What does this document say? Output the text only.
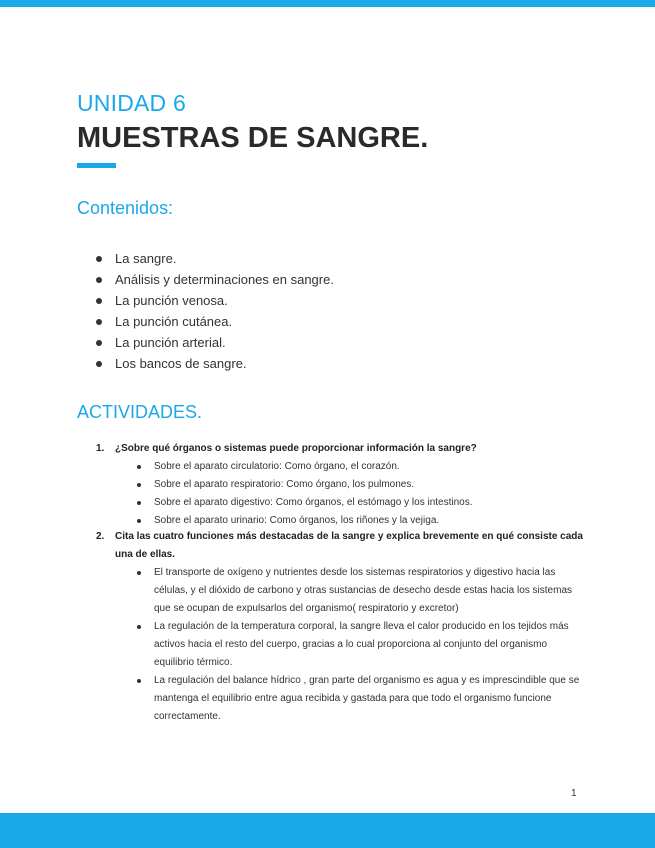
UNIDAD 6
MUESTRAS DE SANGRE.
Contenidos:
La sangre.
Análisis y determinaciones en sangre.
La punción venosa.
La punción cutánea.
La punción arterial.
Los bancos de sangre.
ACTIVIDADES.
1. ¿Sobre qué órganos o sistemas puede proporcionar información la sangre?
Sobre el aparato circulatorio: Como órgano, el corazón.
Sobre el aparato respiratorio: Como órgano, los pulmones.
Sobre el aparato digestivo: Como órganos, el estómago y los intestinos.
Sobre el aparato urinario: Como órganos, los riñones y la vejiga.
2. Cita las cuatro funciones más destacadas de la sangre y explica brevemente en qué consiste cada una de ellas.
El transporte de oxígeno y nutrientes desde los sistemas respiratorios y digestivo hacia las células, y el dióxido de carbono y otras sustancias de desecho desde estas hacia los sistemas que se ocupan de expulsarlos del organismo( respiratorio y excretor)
La regulación de la temperatura corporal, la sangre lleva el calor producido en los tejidos más activos hacia el resto del cuerpo, gracias a lo cual proporciona al conjunto del organismo equilibrio térmico.
La regulación del balance hídrico , gran parte del organismo es agua y es imprescindible que se mantenga el equilibrio entre agua recibida y gastada para que todo el organismo funcione correctamente.
1
